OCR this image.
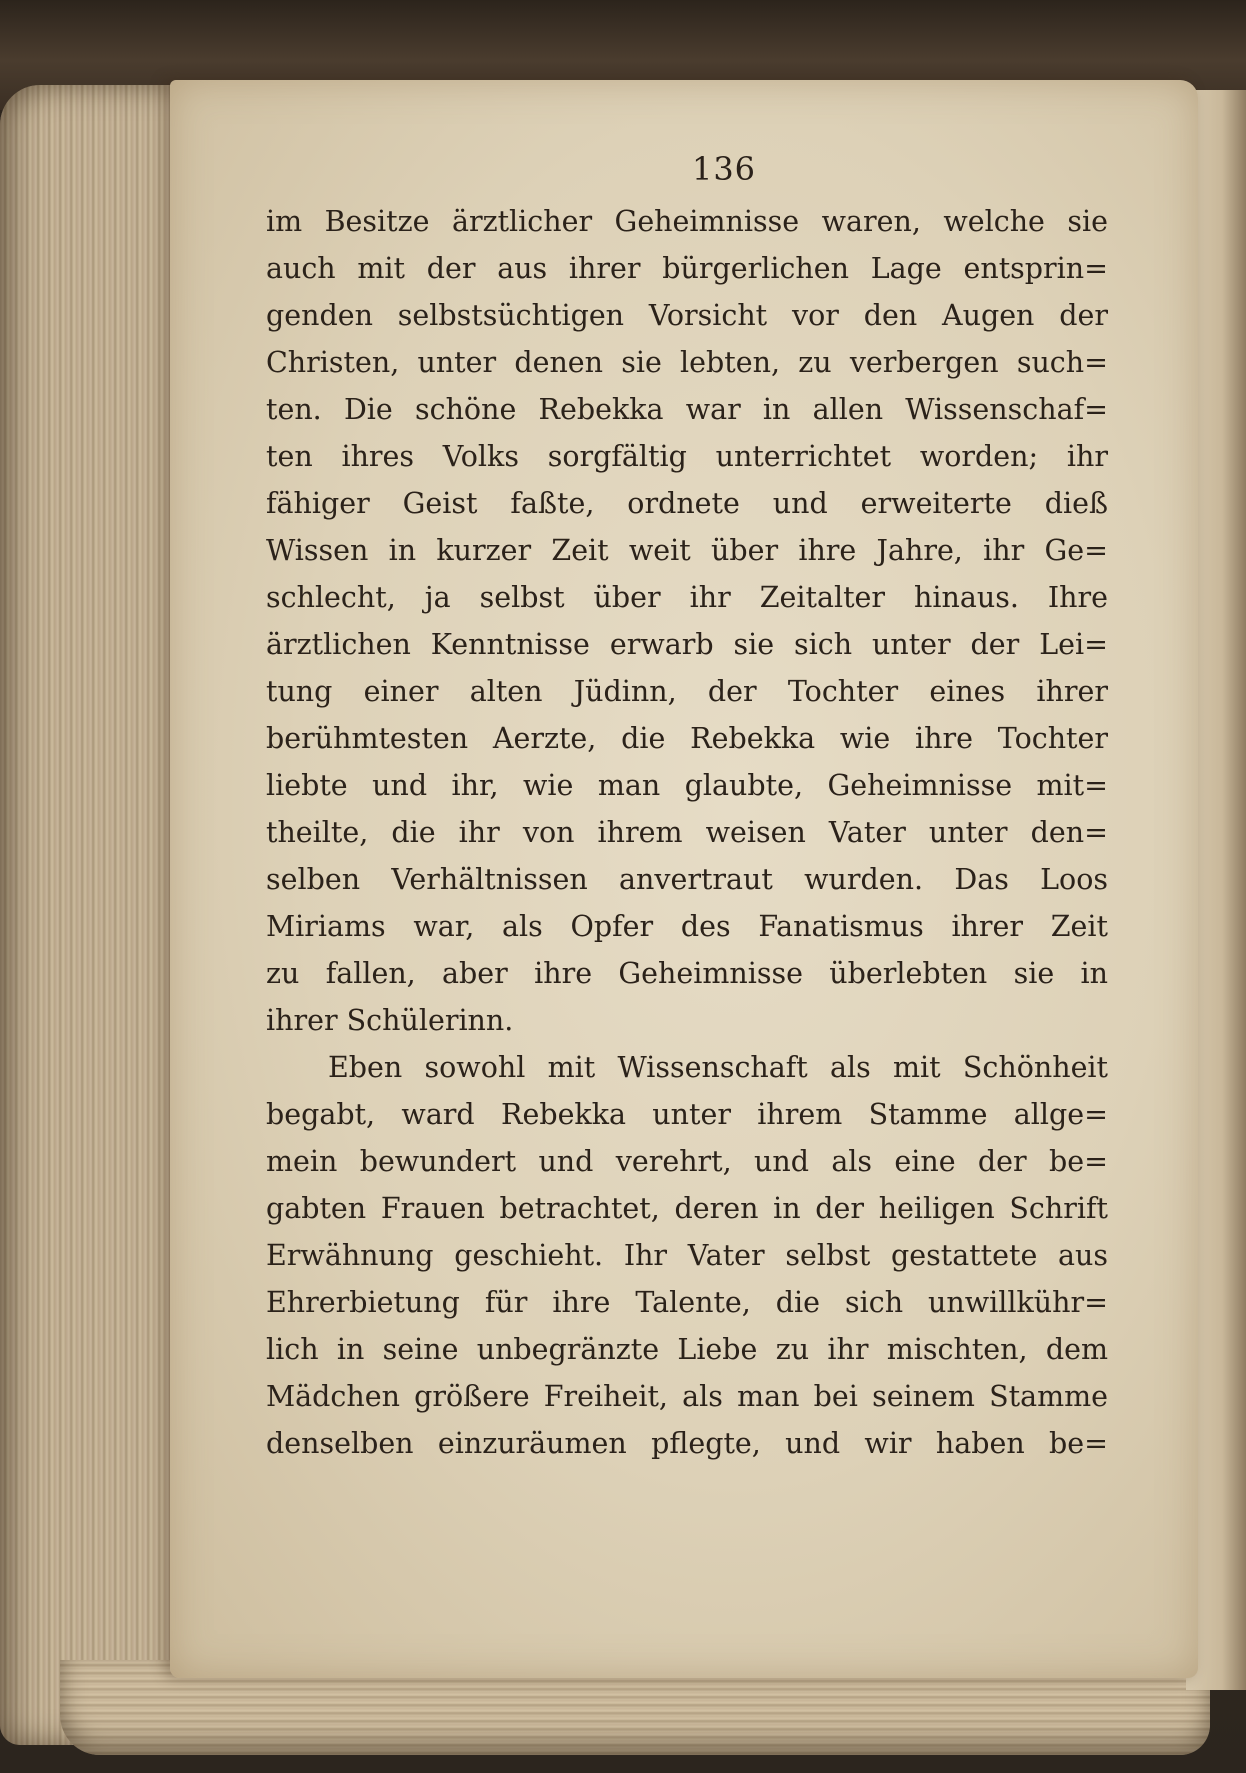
136
im Besitze ärztlicher Geheimnisse waren, welche sie
auch mit der aus ihrer bürgerlichen Lage entsprin=
genden selbstsüchtigen Vorsicht vor den Augen der
Christen, unter denen sie lebten, zu verbergen such=
ten. Die schöne Rebekka war in allen Wissenschaf=
ten ihres Volks sorgfältig unterrichtet worden; ihr
fähiger Geist faßte, ordnete und erweiterte dieß
Wissen in kurzer Zeit weit über ihre Jahre, ihr Ge=
schlecht, ja selbst über ihr Zeitalter hinaus. Ihre
ärztlichen Kenntnisse erwarb sie sich unter der Lei=
tung einer alten Jüdinn, der Tochter eines ihrer
berühmtesten Aerzte, die Rebekka wie ihre Tochter
liebte und ihr, wie man glaubte, Geheimnisse mit=
theilte, die ihr von ihrem weisen Vater unter den=
selben Verhältnissen anvertraut wurden. Das Loos
Miriams war, als Opfer des Fanatismus ihrer Zeit
zu fallen, aber ihre Geheimnisse überlebten sie in
ihrer Schülerinn.
Eben sowohl mit Wissenschaft als mit Schönheit
begabt, ward Rebekka unter ihrem Stamme allge=
mein bewundert und verehrt, und als eine der be=
gabten Frauen betrachtet, deren in der heiligen Schrift
Erwähnung geschieht. Ihr Vater selbst gestattete aus
Ehrerbietung für ihre Talente, die sich unwillkühr=
lich in seine unbegränzte Liebe zu ihr mischten, dem
Mädchen größere Freiheit, als man bei seinem Stamme
denselben einzuräumen pflegte, und wir haben be=
